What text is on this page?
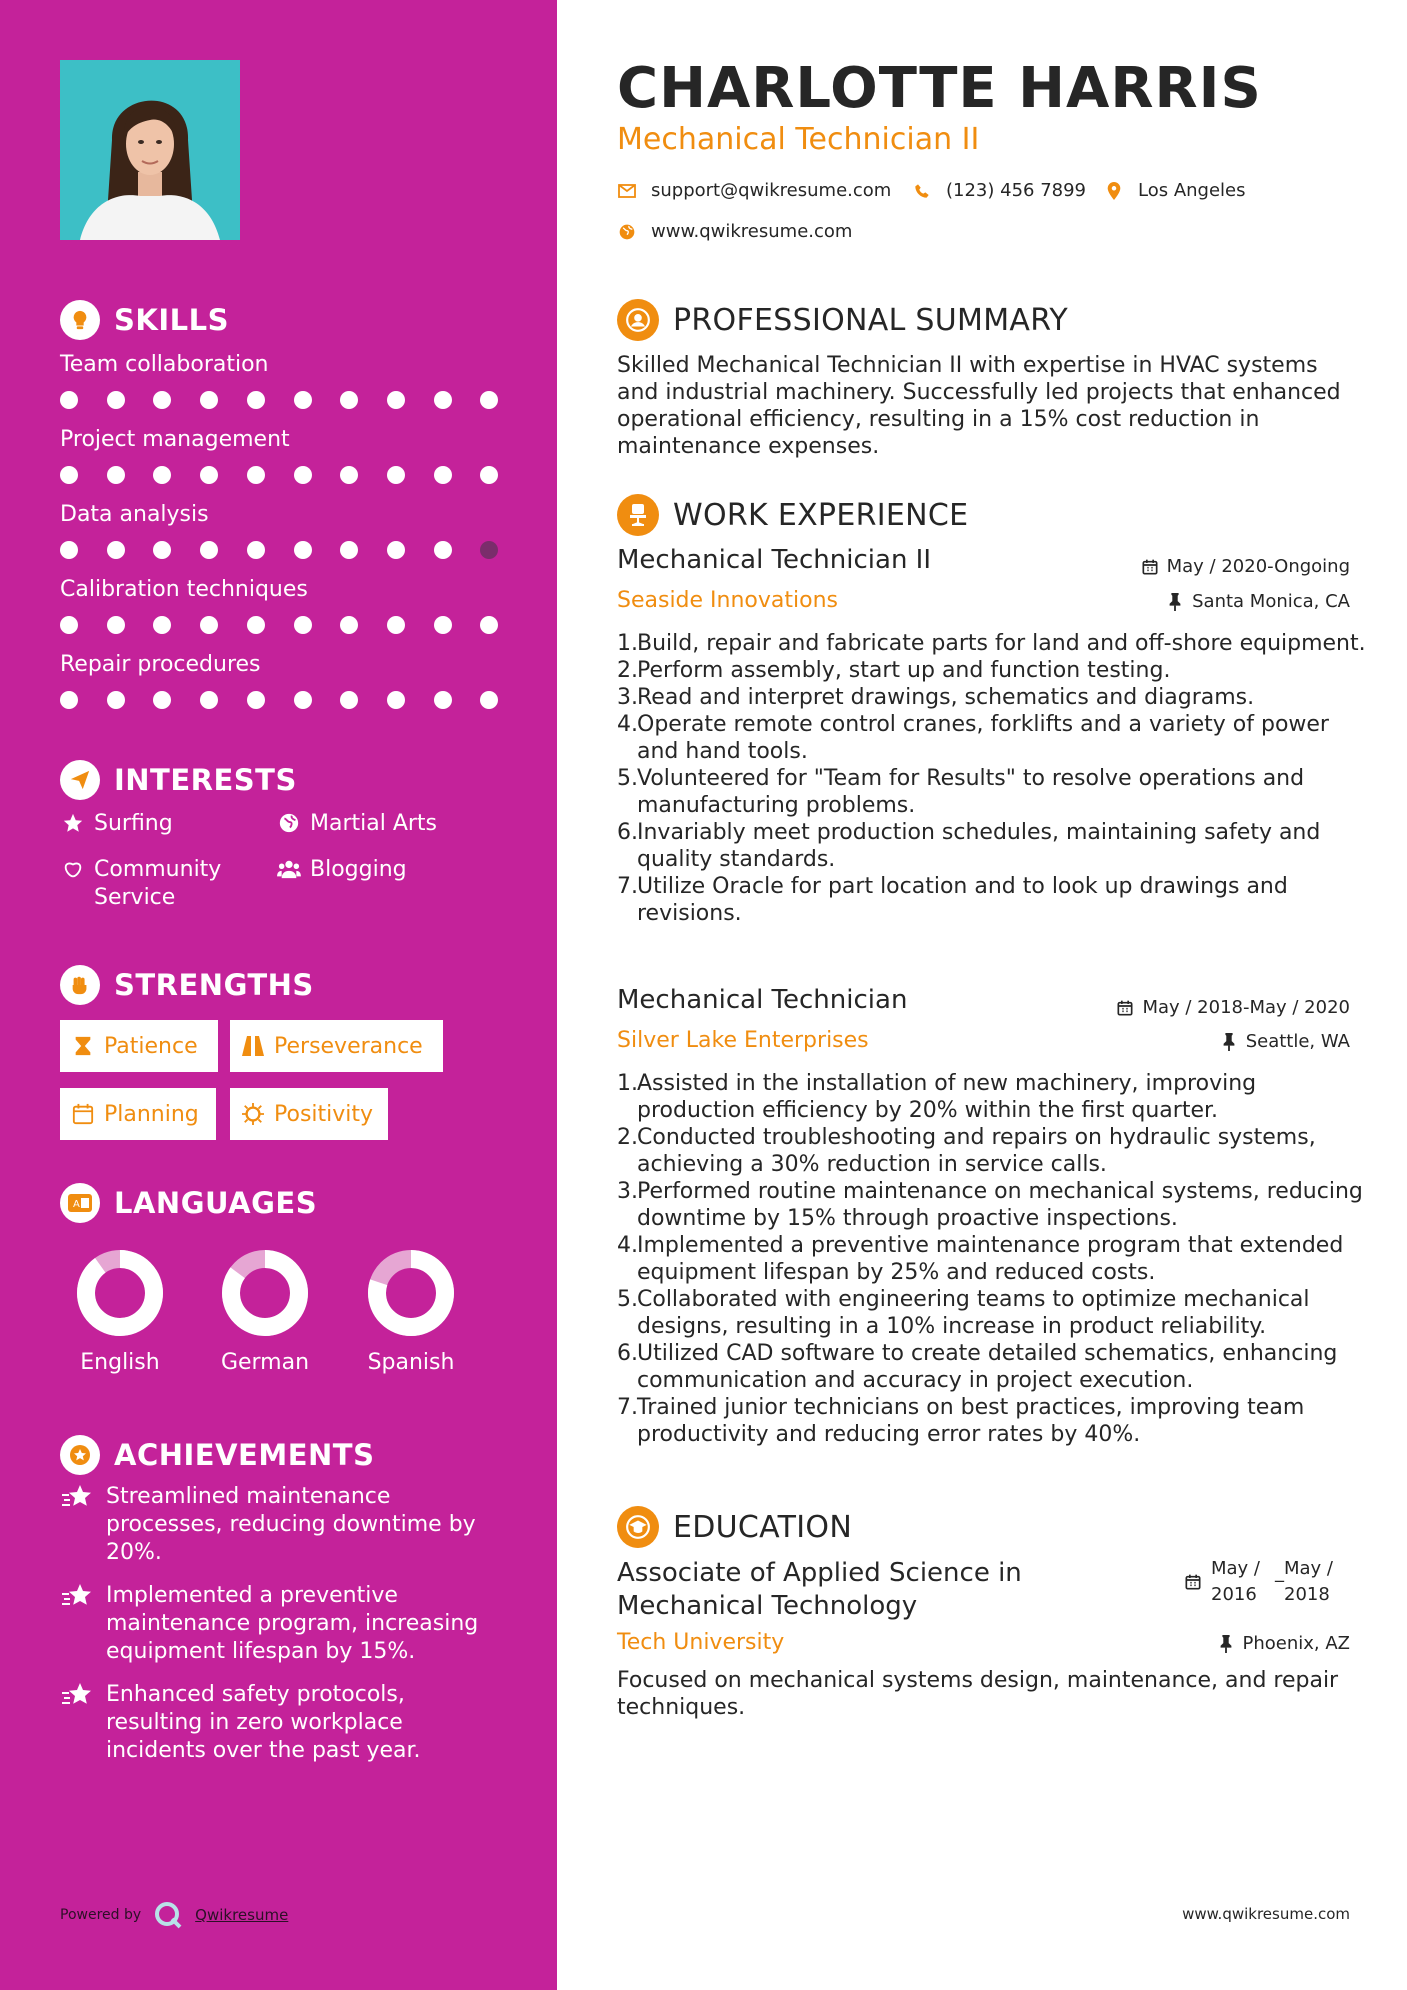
SKILLS
Team collaboration
Project management
Data analysis
Calibration techniques
Repair procedures
INTERESTS
Surfing	Martial Arts
Community Service
Blogging
STRENGTHS
Patience	Perseverance
Planning	Positivity
A LANGUAGES
English	German	Spanish
ACHIEVEMENTS
Streamlined maintenance processes, reducing downtime by 20%.
Implemented a preventive maintenance program, increasing equipment lifespan by 15%.
Enhanced safety protocols, resulting in zero workplace incidents over the past year.
Powered by	Qwikresume
CHARLOTTE HARRIS
Mechanical Technician II
support@qwikresume.com	(123) 456 7899	Los Angeles
www.qwikresume.com
PROFESSIONAL SUMMARY
Skilled Mechanical Technician II with expertise in HVAC systems and industrial machinery. Successfully led projects that enhanced operational efficiency, resulting in a 15% cost reduction in maintenance expenses.
WORK EXPERIENCE
Mechanical Technician II	May / 2020-Ongoing
Seaside Innovations	Santa Monica, CA
1. Build, repair and fabricate parts for land and off-shore equipment.
2. Perform assembly, start up and function testing.
3. Read and interpret drawings, schematics and diagrams.
4. Operate remote control cranes, forklifts and a variety of power and hand tools.
5. Volunteered for "Team for Results" to resolve operations and manufacturing problems.
6. Invariably meet production schedules, maintaining safety and quality standards.
7. Utilize Oracle for part location and to look up drawings and revisions.
Mechanical Technician	May / 2018-May / 2020
Silver Lake Enterprises	Seattle, WA
1. Assisted in the installation of new machinery, improving production efficiency by 20% within the first quarter.
2. Conducted troubleshooting and repairs on hydraulic systems, achieving a 30% reduction in service calls.
3. Performed routine maintenance on mechanical systems, reducing downtime by 15% through proactive inspections.
4. Implemented a preventive maintenance program that extended equipment lifespan by 25% and reduced costs.
5. Collaborated with engineering teams to optimize mechanical designs, resulting in a 10% increase in product reliability.
6. Utilized CAD software to create detailed schematics, enhancing communication and accuracy in project execution.
7. Trained junior technicians on best practices, improving team productivity and reducing error rates by 40%.
EDUCATION
Associate of Applied Science in
Mechanical Technology
May /
2016
_ May /
2018
Tech University	Phoenix, AZ
Focused on mechanical systems design, maintenance, and repair techniques.
www.qwikresume.com
